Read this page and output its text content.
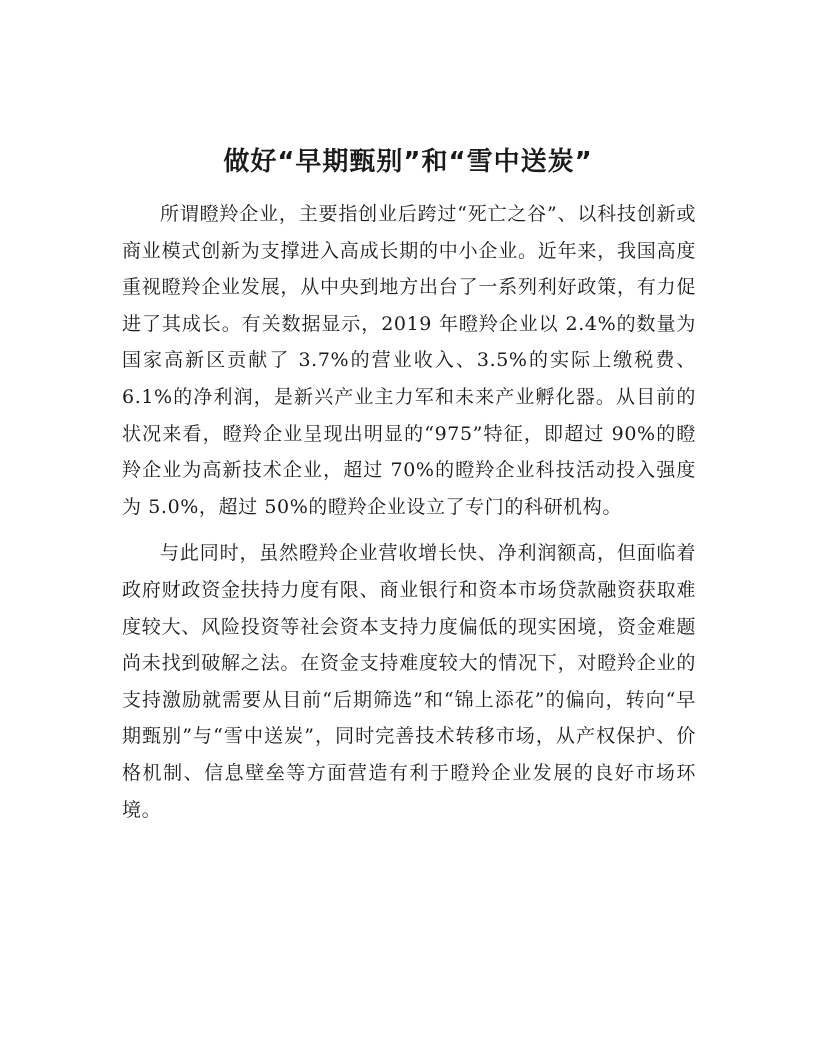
做好“早期甄别”和“雪中送炭”

所谓瞪羚企业，主要指创业后跨过“死亡之谷”、以科技创新或商业模式创新为支撑进入高成长期的中小企业。近年来，我国高度重视瞪羚企业发展，从中央到地方出台了一系列利好政策，有力促进了其成长。有关数据显示，2019 年瞪羚企业以 2.4%的数量为国家高新区贡献了 3.7%的营业收入、3.5%的实际上缴税费、6.1%的净利润，是新兴产业主力军和未来产业孵化器。从目前的状况来看，瞪羚企业呈现出明显的“975”特征，即超过 90%的瞪羚企业为高新技术企业，超过 70%的瞪羚企业科技活动投入强度为 5.0%，超过 50%的瞪羚企业设立了专门的科研机构。

与此同时，虽然瞪羚企业营收增长快、净利润额高，但面临着政府财政资金扶持力度有限、商业银行和资本市场贷款融资获取难度较大、风险投资等社会资本支持力度偏低的现实困境，资金难题尚未找到破解之法。在资金支持难度较大的情况下，对瞪羚企业的支持激励就需要从目前“后期筛选”和“锦上添花”的偏向，转向“早期甄别”与“雪中送炭”，同时完善技术转移市场，从产权保护、价格机制、信息壁垒等方面营造有利于瞪羚企业发展的良好市场环境。
